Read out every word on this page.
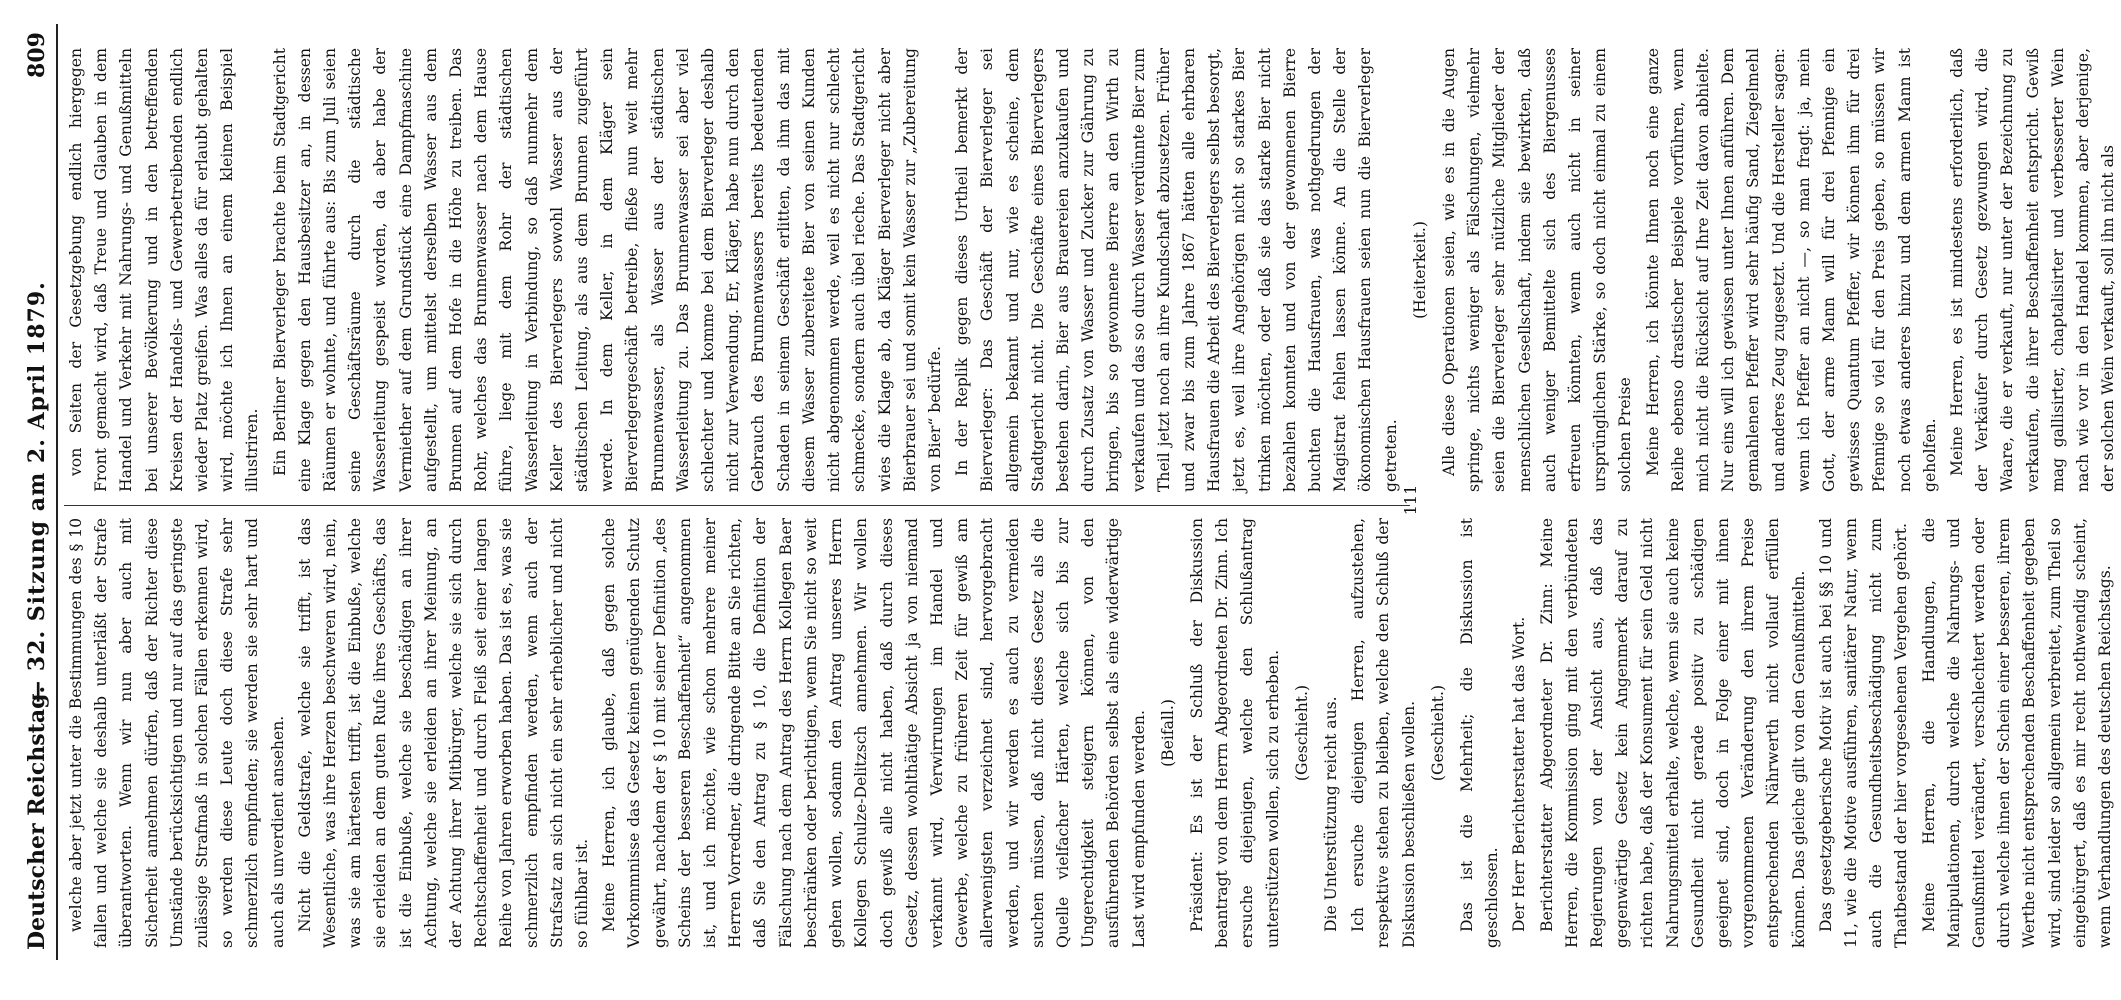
Deutscher Reichstag.
— 32. Sitzung am 2. April 1879.
809

welche aber jetzt unter die Bestimmungen des § 10 fallen und welche sie deshalb unterläßt der Strafe überantworten. Wenn wir nun aber auch mit Sicherheit annehmen dürfen, daß der Richter diese Umstände berücksichtigen und nur auf das geringste zulässige Strafmaß in solchen Fällen erkennen wird, so werden diese Leute doch diese Strafe sehr schmerzlich empfinden; sie werden sie sehr hart und auch als unverdient ansehen. Nicht die Geldstrafe, welche sie trifft, ist das Wesentliche, was ihre Herzen beschweren wird, nein, was sie am härtesten trifft, ist die Einbuße, welche sie erleiden an dem guten Rufe ihres Geschäfts, das ist die Einbuße, welche sie beschädigen an ihrer Achtung, welche sie erleiden an ihrer Meinung, an der Achtung ihrer Mitbürger, welche sie sich durch Rechtschaffenheit und durch Fleiß seit einer langen Reihe von Jahren erworben haben. Das ist es, was sie schmerzlich empfinden werden, wenn auch der Strafsatz an sich nicht ein sehr erheblicher und nicht so fühlbar ist. Meine Herren, ich glaube, daß gegen solche Vorkommnisse das Gesetz keinen genügenden Schutz gewährt, nachdem der § 10 mit seiner Definition „des Scheins der besseren Beschaffenheit“ angenommen ist, und ich möchte, wie schon mehrere meiner Herren Vorredner, die dringende Bitte an Sie richten, daß Sie den Antrag zu § 10, die Definition der Fälschung nach dem Antrag des Herrn Kollegen Baer beschränken oder berichtigen, wenn Sie nicht so weit gehen wollen, sodann den Antrag unseres Herrn Kollegen Schulze-Delitzsch annehmen. Wir wollen doch gewiß alle nicht haben, daß durch dieses Gesetz, dessen wohlthätige Absicht ja von niemand verkannt wird, Verwirrungen im Handel und Gewerbe, welche zu früheren Zeit für gewiß am allerwenigsten verzeichnet sind, hervorgebracht werden, und wir werden es auch zu vermeiden suchen müssen, daß nicht dieses Gesetz als die Quelle vielfacher Härten, welche sich bis zur Ungerechtigkeit steigern können, von den ausführenden Behörden selbst als eine widerwärtige Last wird empfunden werden. (Beifall.) Präsident: Es ist der Schluß der Diskussion beantragt von dem Herrn Abgeordneten Dr. Zinn. Ich ersuche diejenigen, welche den Schlußantrag unterstützen wollen, sich zu erheben. (Geschieht.) Die Unterstützung reicht aus. Ich ersuche diejenigen Herren, aufzustehen, respektive stehen zu bleiben, welche den Schluß der Diskussion beschließen wollen. (Geschieht.) Das ist die Mehrheit; die Diskussion ist geschlossen. Der Herr Berichterstatter hat das Wort. Berichterstatter Abgeordneter Dr. Zinn: Meine Herren, die Kommission ging mit den verbündeten Regierungen von der Ansicht aus, daß das gegenwärtige Gesetz kein Angenmerk darauf zu richten habe, daß der Konsument für sein Geld nicht Nahrungsmittel erhalte, welche, wenn sie auch keine Gesundheit nicht gerade positiv zu schädigen geeignet sind, doch in Folge einer mit ihnen vorgenommenen Veränderung den ihrem Preise entsprechenden Nährwerth nicht vollauf erfüllen können. Das gleiche gilt von den Genußmitteln. Das gesetzgeberische Motiv ist auch bei §§ 10 und 11, wie die Motive ausführen, sanitärer Natur, wenn auch die Gesundheitsbeschädigung nicht zum Thatbestand der hier vorgesehenen Vergehen gehört. Meine Herren, die Handlungen, die Manipulationen, durch welche die Nahrungs- und Genußmittel verändert, verschlechtert werden oder durch welche ihnen der Schein einer besseren, ihrem Werthe nicht entsprechenden Beschaffenheit gegeben wird, sind leider so allgemein verbreitet, zum Theil so eingebürgert, daß es mir recht nothwendig scheint, wenn Verhandlungen des deutschen Reichstags.

von Seiten der Gesetzgebung endlich hiergegen Front gemacht wird, daß Treue und Glauben in dem Handel und Verkehr mit Nahrungs- und Genußmitteln bei unserer Bevölkerung und in den betreffenden Kreisen der Handels- und Gewerbetreibenden endlich wieder Platz greifen. Was alles da für erlaubt gehalten wird, möchte ich Ihnen an einem kleinen Beispiel illustriren. Ein Berliner Bierverleger brachte beim Stadtgericht eine Klage gegen den Hausbesitzer an, in dessen Räumen er wohnte, und führte aus: Bis zum Juli seien seine Geschäftsräume durch die städtische Wasserleitung gespeist worden, da aber habe der Vermiether auf dem Grundstück eine Dampfmaschine aufgestellt, um mittelst derselben Wasser aus dem Brunnen auf dem Hofe in die Höhe zu treiben. Das Rohr, welches das Brunnenwasser nach dem Hause führe, liege mit dem Rohr der städtischen Wasserleitung in Verbindung, so daß nunmehr dem Keller des Bierverlegers sowohl Wasser aus der städtischen Leitung, als aus dem Brunnen zugeführt werde. In dem Keller, in dem Kläger sein Bierverlegergeschäft betreibe, fließe nun weit mehr Brunnenwasser, als Wasser aus der städtischen Wasserleitung zu. Das Brunnenwasser sei aber viel schlechter und komme bei dem Bierverleger deshalb nicht zur Verwendung. Er, Kläger, habe nun durch den Gebrauch des Brunnenwassers bereits bedeutenden Schaden in seinem Geschäft erlitten, da ihm das mit diesem Wasser zubereitete Bier von seinen Kunden nicht abgenommen werde, weil es nicht nur schlecht schmecke, sondern auch übel rieche. Das Stadtgericht wies die Klage ab, da Kläger Bierverleger nicht aber Bierbrauer sei und somit kein Wasser zur „Zubereitung von Bier“ bedürfe. In der Replik gegen dieses Urtheil bemerkt der Bierverleger: Das Geschäft der Bierverleger sei allgemein bekannt und nur, wie es scheine, dem Stadtgericht nicht. Die Geschäfte eines Bierverlegers bestehen darin, Bier aus Brauereien anzukaufen und durch Zusatz von Wasser und Zucker zur Gährung zu bringen, bis so gewonnene Bierre an den Wirth zu verkaufen und das so durch Wasser verdünnte Bier zum Theil jetzt noch an ihre Kundschaft abzusetzen. Früher und zwar bis zum Jahre 1867 hätten alle ehrbaren Hausfrauen die Arbeit des Bierverlegers selbst besorgt, jetzt es, weil ihre Angehörigen nicht so starkes Bier trinken möchten, oder daß sie das starke Bier nicht bezahlen konnten und von der gewonnenen Bierre buchten die Hausfrauen, was nothgedrungen der Magistrat fehlen lassen könne. An die Stelle der ökonomischen Hausfrauen seien nun die Bierverleger getreten.

(Heiterkeit.) Alle diese Operationen seien, wie es in die Augen springe, nichts weniger als Fälschungen, vielmehr seien die Bierverleger sehr nützliche Mitglieder der menschlichen Gesellschaft, indem sie bewirkten, daß auch weniger Bemittelte sich des Biergenusses erfreuen könnten, wenn auch nicht in seiner ursprünglichen Stärke, so doch nicht einmal zu einem solchen Preise Meine Herren, ich könnte Ihnen noch eine ganze Reihe ebenso drastischer Beispiele vorführen, wenn mich nicht die Rücksicht auf Ihre Zeit davon abhielte. Nur eins will ich gewissen unter Ihnen anführen. Dem gemahlenen Pfeffer wird sehr häufig Sand, Ziegelmehl und anderes Zeug zugesetzt. Und die Hersteller sagen: wenn ich Pfeffer an nicht —, so man fragt: ja, mein Gott, der arme Mann will für drei Pfennige ein gewisses Quantum Pfeffer, wir können ihm für drei Pfennige so viel für den Preis geben, so müssen wir noch etwas anderes hinzu und dem armen Mann ist geholfen. Meine Herren, es ist mindestens erforderlich, daß der Verkäufer durch Gesetz gezwungen wird, die Waare, die er verkauft, nur unter der Bezeichnung zu verkaufen, die ihrer Beschaffenheit entspricht. Gewiß mag gallisirter, chaptalisirter und verbesserter Wein nach wie vor in den Handel kommen, aber derjenige, der solchen Wein verkauft, soll ihn nicht als

111
